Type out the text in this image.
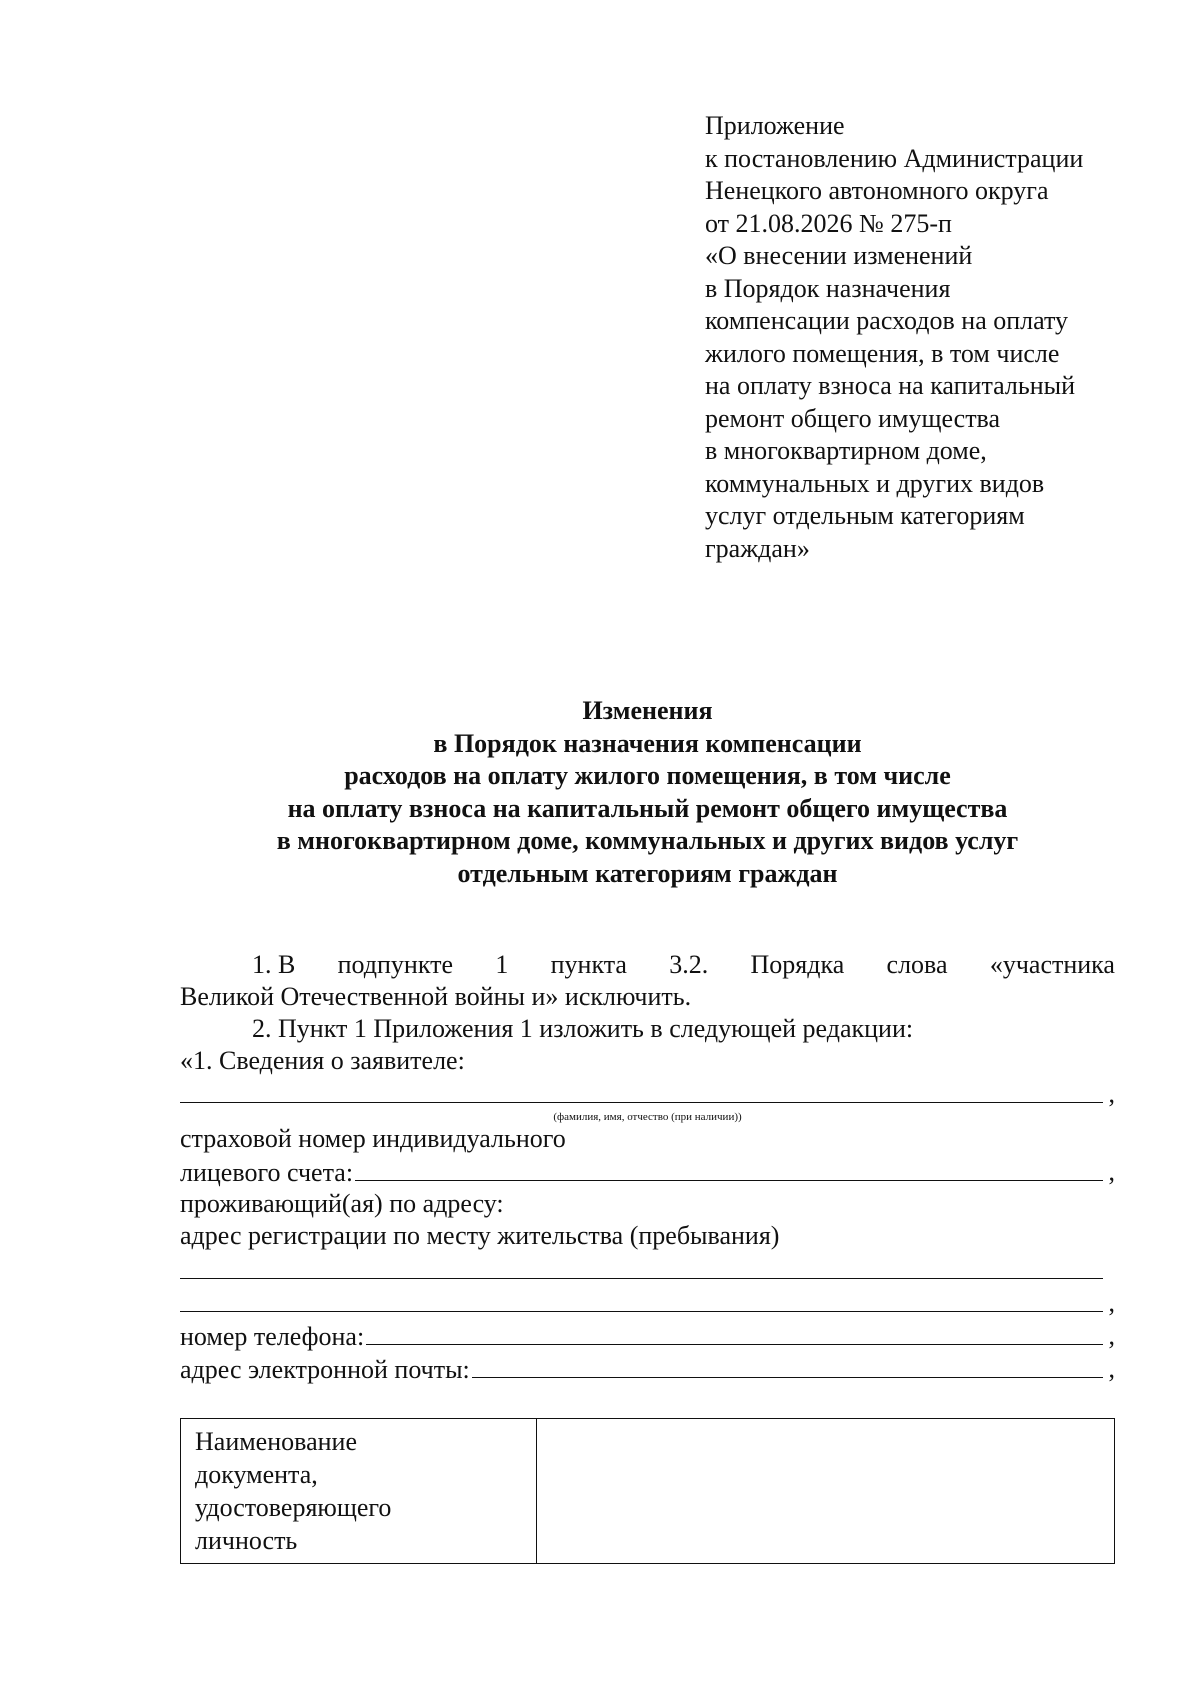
Приложение
к постановлению Администрации
Ненецкого автономного округа
от 21.08.2026 № 275-п
«О внесении изменений
в Порядок назначения
компенсации расходов на оплату
жилого помещения, в том числе
на оплату взноса на капитальный
ремонт общего имущества
в многоквартирном доме,
коммунальных и других видов
услуг отдельным категориям
граждан»
Изменения
в Порядок назначения компенсации
расходов на оплату жилого помещения, в том числе
на оплату взноса на капитальный ремонт общего имущества
в многоквартирном доме, коммунальных и других видов услуг
отдельным категориям граждан
1. В подпункте 1 пункта 3.2. Порядка слова «участника
Великой Отечественной войны и» исключить.
2. Пункт 1 Приложения 1 изложить в следующей редакции:
«1. Сведения о заявителе:
,
(фамилия, имя, отчество (при наличии))
страховой номер индивидуального
лицевого счета:	,
проживающий(ая) по адресу:
адрес регистрации по месту жительства (пребывания)
,
номер телефона:	,
адрес электронной почты:	,
Наименование
документа,
удостоверяющего
личность
